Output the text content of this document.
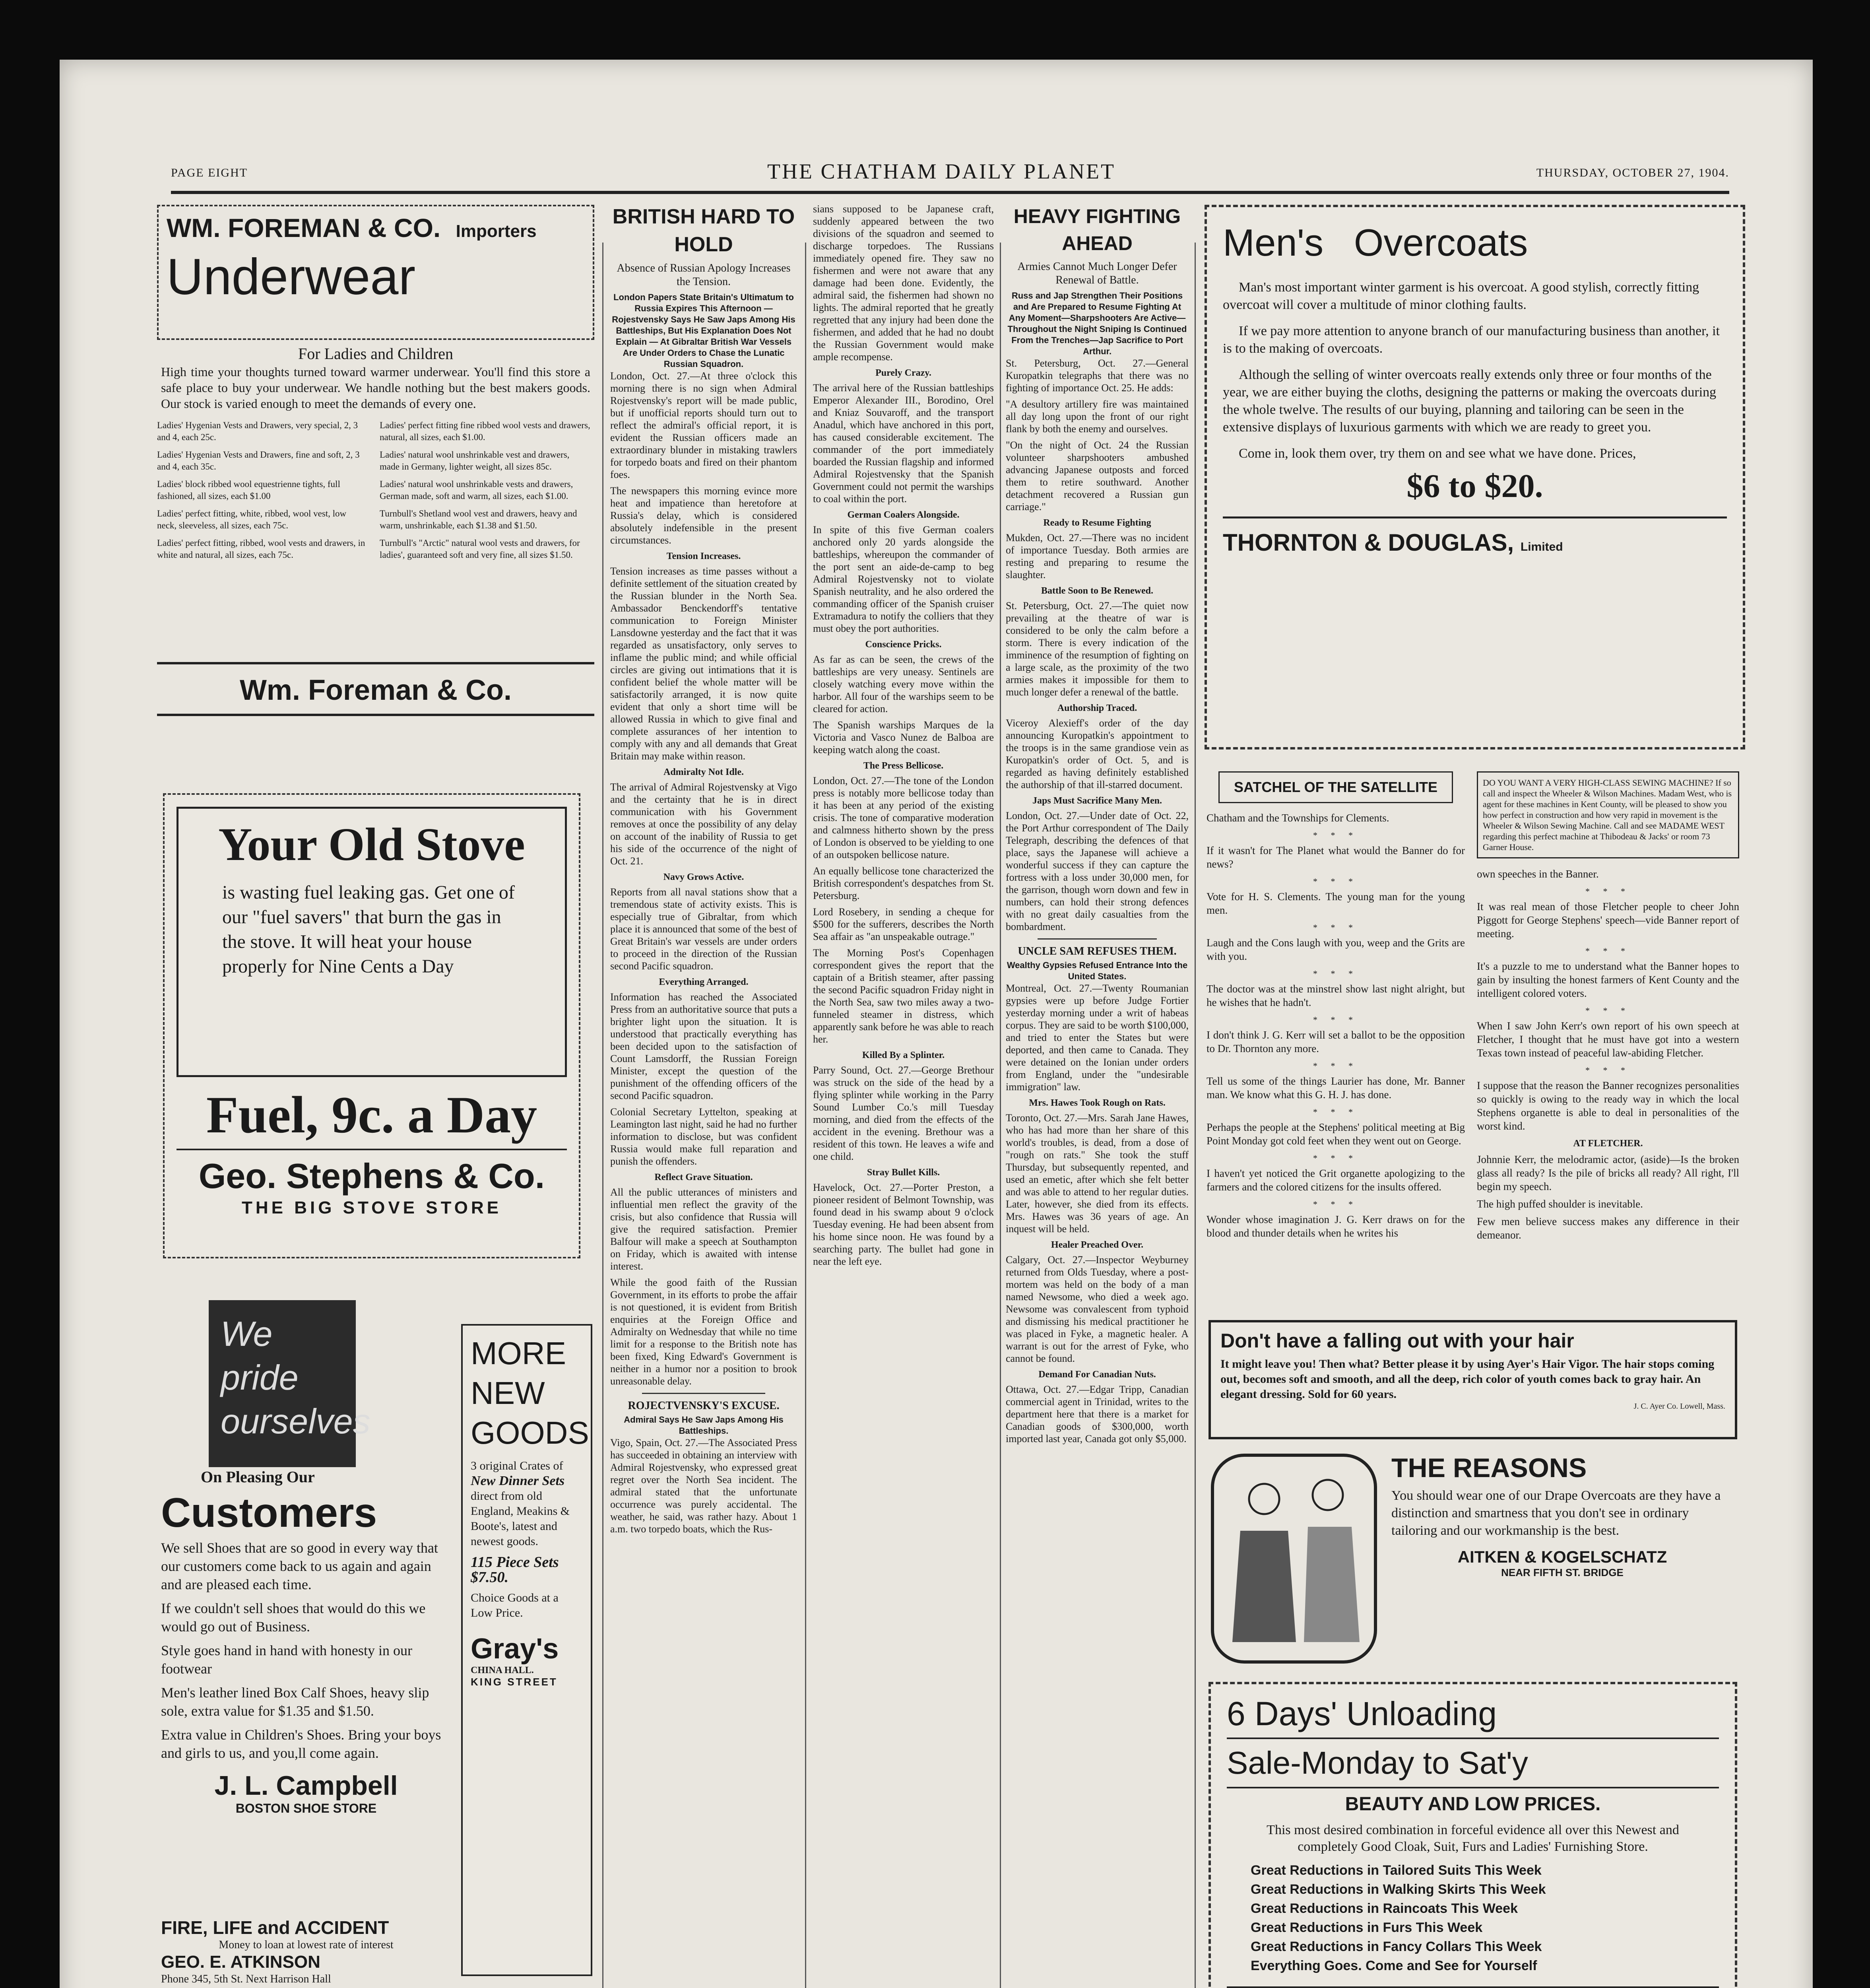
PAGE EIGHT	THE CHATHAM DAILY PLANET	THURSDAY, OCTOBER 27, 1904.
WM. FOREMAN & CO. Importers
Underwear
For Ladies and Children

High time your thoughts turned toward warmer underwear. You'll find this store a safe place to buy your underwear. We handle nothing but the best makers goods. Our stock is varied enough to meet the demands of every one.

Ladies' Hygenian Vests and Drawers, very special, 2, 3 and 4, each 25c.

Ladies' Hygenian Vests and Drawers, fine and soft, 2, 3 and 4, each 35c.

Ladies' block ribbed wool equestrienne tights, full fashioned, all sizes, each $1.00

Ladies' perfect fitting, white, ribbed, wool vest, low neck, sleeveless, all sizes, each 75c.

Ladies' perfect fitting, ribbed, wool vests and drawers, in white and natural, all sizes, each 75c.

Ladies' perfect fitting fine ribbed wool vests and drawers, natural, all sizes, each $1.00.

Ladies' natural wool unshrinkable vest and drawers, made in Germany, lighter weight, all sizes 85c.

Ladies' natural wool unshrinkable vests and drawers, German made, soft and warm, all sizes, each $1.00.

Turnbull's Shetland wool vest and drawers, heavy and warm, unshrinkable, each $1.38 and $1.50.

Turnbull's "Arctic" natural wool vests and drawers, for ladies', guaranteed soft and very fine, all sizes $1.50.

Wm. Foreman & Co.
Your Old Stove

is wasting fuel leaking gas. Get one of our "fuel savers" that burn the gas in the stove. It will heat your house properly for Nine Cents a Day

Fuel, 9c. a Day
Geo. Stephens & Co.
THE BIG STOVE STORE
We
pride
ourselves
On Pleasing Our
Customers

We sell Shoes that are so good in every way that our customers come back to us again and again and are pleased each time.

If we couldn't sell shoes that would do this we would go out of Business.

Style goes hand in hand with honesty in our footwear

Men's leather lined Box Calf Shoes, heavy slip sole, extra value for $1.35 and $1.50.

Extra value in Children's Shoes. Bring your boys and girls to us, and you,ll come again.

J. L. Campbell
BOSTON SHOE STORE
FIRE, LIFE and ACCIDENT
Money to loan at lowest rate of interest
GEO. E. ATKINSON
Phone 345, 5th St. Next Harrison Hall
MORE
NEW
GOODS
3 original Crates of
New Dinner Sets
direct from old England, Meakins & Boote's, latest and newest goods.
115 Piece Sets $7.50.
Choice Goods at a Low Price.
Gray's
CHINA HALL.
KING STREET

BRITISH HARD TO HOLD
Absence of Russian Apology Increases the Tension.
London Papers State Britain's Ultimatum to Russia Expires This Afternoon — Rojestvensky Says He Saw Japs Among His Battleships, But His Explanation Does Not Explain — At Gibraltar British War Vessels Are Under Orders to Chase the Lunatic Russian Squadron.

London, Oct. 27.—At three o'clock this morning there is no sign when Admiral Rojestvensky's report will be made public, but if unofficial reports should turn out to reflect the admiral's official report, it is evident the Russian officers made an extraordinary blunder in mistaking trawlers for torpedo boats and fired on their phantom foes.

The newspapers this morning evince more heat and impatience than heretofore at Russia's delay, which is considered absolutely indefensible in the present circumstances.

Tension Increases.

Tension increases as time passes without a definite settlement of the situation created by the Russian blunder in the North Sea. Ambassador Benckendorff's tentative communication to Foreign Minister Lansdowne yesterday and the fact that it was regarded as unsatisfactory, only serves to inflame the public mind; and while official circles are giving out intimations that it is confident belief the whole matter will be satisfactorily arranged, it is now quite evident that only a short time will be allowed Russia in which to give final and complete assurances of her intention to comply with any and all demands that Great Britain may make within reason.

Admiralty Not Idle.

The arrival of Admiral Rojestvensky at Vigo and the certainty that he is in direct communication with his Government removes at once the possibility of any delay on account of the inability of Russia to get his side of the occurrence of the night of Oct. 21.

Navy Grows Active.

Reports from all naval stations show that a tremendous state of activity exists. This is especially true of Gibraltar, from which place it is announced that some of the best of Great Britain's war vessels are under orders to proceed in the direction of the Russian second Pacific squadron.

Everything Arranged.

Information has reached the Associated Press from an authoritative source that puts a brighter light upon the situation. It is understood that practically everything has been decided upon to the satisfaction of Count Lamsdorff, the Russian Foreign Minister, except the question of the punishment of the offending officers of the second Pacific squadron.

Colonial Secretary Lyttelton, speaking at Leamington last night, said he had no further information to disclose, but was confident Russia would make full reparation and punish the offenders.

Reflect Grave Situation.

All the public utterances of ministers and influential men reflect the gravity of the crisis, but also confidence that Russia will give the required satisfaction. Premier Balfour will make a speech at Southampton on Friday, which is awaited with intense interest.

While the good faith of the Russian Government, in its efforts to probe the affair is not questioned, it is evident from British enquiries at the Foreign Office and Admiralty on Wednesday that while no time limit for a response to the British note has been fixed, King Edward's Government is neither in a humor nor a position to brook unreasonable delay.

ROJECTVENSKY'S EXCUSE.
Admiral Says He Saw Japs Among His Battleships.

Vigo, Spain, Oct. 27.—The Associated Press has succeeded in obtaining an interview with Admiral Rojestvensky, who expressed great regret over the North Sea incident. The admiral stated that the unfortunate occurrence was purely accidental. The weather, he said, was rather hazy. About 1 a.m. two torpedo boats, which the Rus-

sians supposed to be Japanese craft, suddenly appeared between the two divisions of the squadron and seemed to discharge torpedoes. The Russians immediately opened fire. They saw no fishermen and were not aware that any damage had been done. Evidently, the admiral said, the fishermen had shown no lights. The admiral reported that he greatly regretted that any injury had been done the fishermen, and added that he had no doubt the Russian Government would make ample recompense.

Purely Crazy.

The arrival here of the Russian battleships Emperor Alexander III., Borodino, Orel and Kniaz Souvaroff, and the transport Anadul, which have anchored in this port, has caused considerable excitement. The commander of the port immediately boarded the Russian flagship and informed Admiral Rojestvensky that the Spanish Government could not permit the warships to coal within the port.

German Coalers Alongside.

In spite of this five German coalers anchored only 20 yards alongside the battleships, whereupon the commander of the port sent an aide-de-camp to beg Admiral Rojestvensky not to violate Spanish neutrality, and he also ordered the commanding officer of the Spanish cruiser Extramadura to notify the colliers that they must obey the port authorities.

Conscience Pricks.

As far as can be seen, the crews of the battleships are very uneasy. Sentinels are closely watching every move within the harbor. All four of the warships seem to be cleared for action.

The Spanish warships Marques de la Victoria and Vasco Nunez de Balboa are keeping watch along the coast.

The Press Bellicose.

London, Oct. 27.—The tone of the London press is notably more bellicose today than it has been at any period of the existing crisis. The tone of comparative moderation and calmness hitherto shown by the press of London is observed to be yielding to one of an outspoken bellicose nature.

An equally bellicose tone characterized the British correspondent's despatches from St. Petersburg.

Lord Rosebery, in sending a cheque for $500 for the sufferers, describes the North Sea affair as "an unspeakable outrage."

The Morning Post's Copenhagen correspondent gives the report that the captain of a British steamer, after passing the second Pacific squadron Friday night in the North Sea, saw two miles away a two-funneled steamer in distress, which apparently sank before he was able to reach her.

Killed By a Splinter.

Parry Sound, Oct. 27.—George Brethour was struck on the side of the head by a flying splinter while working in the Parry Sound Lumber Co.'s mill Tuesday morning, and died from the effects of the accident in the evening. Brethour was a resident of this town. He leaves a wife and one child.

Stray Bullet Kills.

Havelock, Oct. 27.—Porter Preston, a pioneer resident of Belmont Township, was found dead in his swamp about 9 o'clock Tuesday evening. He had been absent from his home since noon. He was found by a searching party. The bullet had gone in near the left eye.

HEAVY FIGHTING AHEAD
Armies Cannot Much Longer Defer Renewal of Battle.
Russ and Jap Strengthen Their Positions and Are Prepared to Resume Fighting At Any Moment—Sharpshooters Are Active—Throughout the Night Sniping Is Continued From the Trenches—Jap Sacrifice to Port Arthur.

St. Petersburg, Oct. 27.—General Kuropatkin telegraphs that there was no fighting of importance Oct. 25. He adds:

"A desultory artillery fire was maintained all day long upon the front of our right flank by both the enemy and ourselves.

"On the night of Oct. 24 the Russian volunteer sharpshooters ambushed advancing Japanese outposts and forced them to retire southward. Another detachment recovered a Russian gun carriage."

Ready to Resume Fighting

Mukden, Oct. 27.—There was no incident of importance Tuesday. Both armies are resting and preparing to resume the slaughter.

Battle Soon to Be Renewed.

St. Petersburg, Oct. 27.—The quiet now prevailing at the theatre of war is considered to be only the calm before a storm. There is every indication of the imminence of the resumption of fighting on a large scale, as the proximity of the two armies makes it impossible for them to much longer defer a renewal of the battle.

Authorship Traced.

Viceroy Alexieff's order of the day announcing Kuropatkin's appointment to the troops is in the same grandiose vein as Kuropatkin's order of Oct. 5, and is regarded as having definitely established the authorship of that ill-starred document.

Japs Must Sacrifice Many Men.

London, Oct. 27.—Under date of Oct. 22, the Port Arthur correspondent of The Daily Telegraph, describing the defences of that place, says the Japanese will achieve a wonderful success if they can capture the fortress with a loss under 30,000 men, for the garrison, though worn down and few in numbers, can hold their strong defences with no great daily casualties from the bombardment.

UNCLE SAM REFUSES THEM.
Wealthy Gypsies Refused Entrance Into the United States.

Montreal, Oct. 27.—Twenty Roumanian gypsies were up before Judge Fortier yesterday morning under a writ of habeas corpus. They are said to be worth $100,000, and tried to enter the States but were deported, and then came to Canada. They were detained on the Ionian under orders from England, under the "undesirable immigration" law.

Mrs. Hawes Took Rough on Rats.

Toronto, Oct. 27.—Mrs. Sarah Jane Hawes, who has had more than her share of this world's troubles, is dead, from a dose of "rough on rats." She took the stuff Thursday, but subsequently repented, and used an emetic, after which she felt better and was able to attend to her regular duties. Later, however, she died from its effects. Mrs. Hawes was 36 years of age. An inquest will be held.

Healer Preached Over.

Calgary, Oct. 27.—Inspector Weyburney returned from Olds Tuesday, where a post-mortem was held on the body of a man named Newsome, who died a week ago. Newsome was convalescent from typhoid and dismissing his medical practitioner he was placed in Fyke, a magnetic healer. A warrant is out for the arrest of Fyke, who cannot be found.

Demand For Canadian Nuts.

Ottawa, Oct. 27.—Edgar Tripp, Canadian commercial agent in Trinidad, writes to the department here that there is a market for Canadian goods of $300,000, worth imported last year, Canada got only $5,000.

Men's Overcoats

Man's most important winter garment is his overcoat. A good stylish, correctly fitting overcoat will cover a multitude of minor clothing faults.

If we pay more attention to anyone branch of our manufacturing business than another, it is to the making of overcoats.

Although the selling of winter overcoats really extends only three or four months of the year, we are either buying the cloths, designing the patterns or making the overcoats during the whole twelve. The results of our buying, planning and tailoring can be seen in the extensive displays of luxurious garments with which we are ready to greet you.

Come in, look them over, try them on and see what we have done. Prices,

$6 to $20.
THORNTON & DOUGLAS, Limited
SATCHEL OF THE SATELLITE

Chatham and the Townships for Clements.

* * *

If it wasn't for The Planet what would the Banner do for news?

* * *

Vote for H. S. Clements. The young man for the young men.

* * *

Laugh and the Cons laugh with you, weep and the Grits are with you.

* * *

The doctor was at the minstrel show last night alright, but he wishes that he hadn't.

* * *

I don't think J. G. Kerr will set a ballot to be the opposition to Dr. Thornton any more.

* * *

Tell us some of the things Laurier has done, Mr. Banner man. We know what this G. H. J. has done.

* * *

Perhaps the people at the Stephens' political meeting at Big Point Monday got cold feet when they went out on George.

* * *

I haven't yet noticed the Grit organette apologizing to the farmers and the colored citizens for the insults offered.

* * *

Wonder whose imagination J. G. Kerr draws on for the blood and thunder details when he writes his

DO YOU WANT A VERY HIGH-CLASS SEWING MACHINE? If so call and inspect the Wheeler & Wilson Machines. Madam West, who is agent for these machines in Kent County, will be pleased to show you how perfect in construction and how very rapid in movement is the Wheeler & Wilson Sewing Machine. Call and see MADAME WEST regarding this perfect machine at Thibodeau & Jacks' or room 73 Garner House.

own speeches in the Banner.

* * *

It was real mean of those Fletcher people to cheer John Piggott for George Stephens' speech—vide Banner report of meeting.

* * *

It's a puzzle to me to understand what the Banner hopes to gain by insulting the honest farmers of Kent County and the intelligent colored voters.

* * *

When I saw John Kerr's own report of his own speech at Fletcher, I thought that he must have got into a western Texas town instead of peaceful law-abiding Fletcher.

* * *

I suppose that the reason the Banner recognizes personalities so quickly is owing to the ready way in which the local Stephens organette is able to deal in personalities of the worst kind.

AT FLETCHER.

Johnnie Kerr, the melodramic actor, (aside)—Is the broken glass all ready? Is the pile of bricks all ready? All right, I'll begin my speech.

The high puffed shoulder is inevitable.

Few men believe success makes any difference in their demeanor.

Don't have a falling out with your hair

It might leave you! Then what? Better please it by using Ayer's Hair Vigor. The hair stops coming out, becomes soft and smooth, and all the deep, rich color of youth comes back to gray hair. An elegant dressing. Sold for 60 years.

J. C. Ayer Co. Lowell, Mass.
THE REASONS

You should wear one of our Drape Overcoats are they have a distinction and smartness that you don't see in ordinary tailoring and our workmanship is the best.

AITKEN & KOGELSCHATZ
NEAR FIFTH ST. BRIDGE
6 Days' Unloading
Sale-Monday to Sat'y
BEAUTY AND LOW PRICES.

This most desired combination in forceful evidence all over this Newest and completely Good Cloak, Suit, Furs and Ladies' Furnishing Store.

Great Reductions in Tailored Suits This Week
Great Reductions in Walking Skirts This Week
Great Reductions in Raincoats This Week
Great Reductions in Furs This Week
Great Reductions in Fancy Collars This Week
Everything Goes. Come and See for Yourself
